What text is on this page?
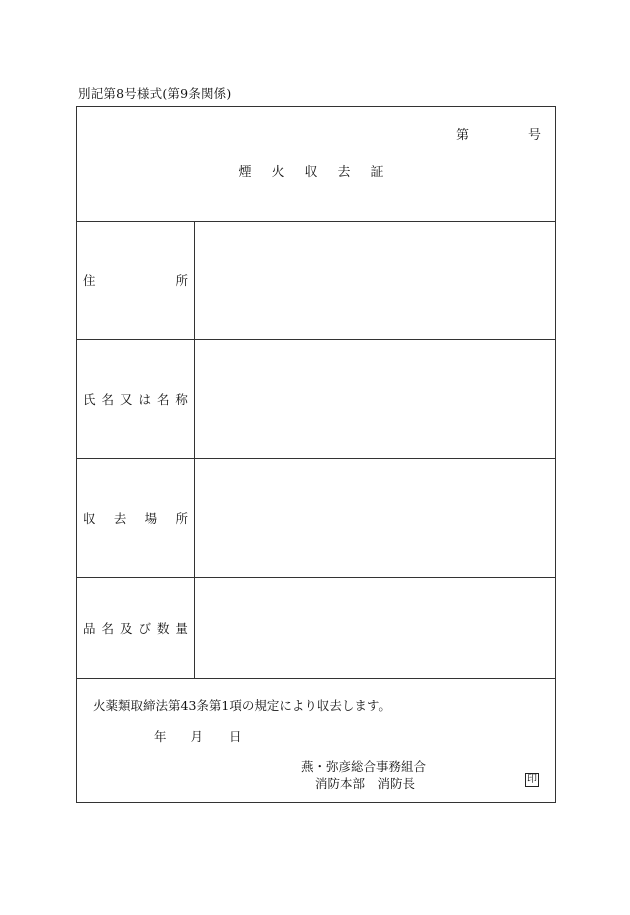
別記第8号様式(第9条関係)
第	号
煙火収去証
住	所
氏 名 又 は 名 称
収 去 場 所
品 名 及 び 数 量
火薬類取締法第43条第1項の規定により収去します。
年 月 日
燕・弥彦総合事務組合
消防本部　消防長	印
